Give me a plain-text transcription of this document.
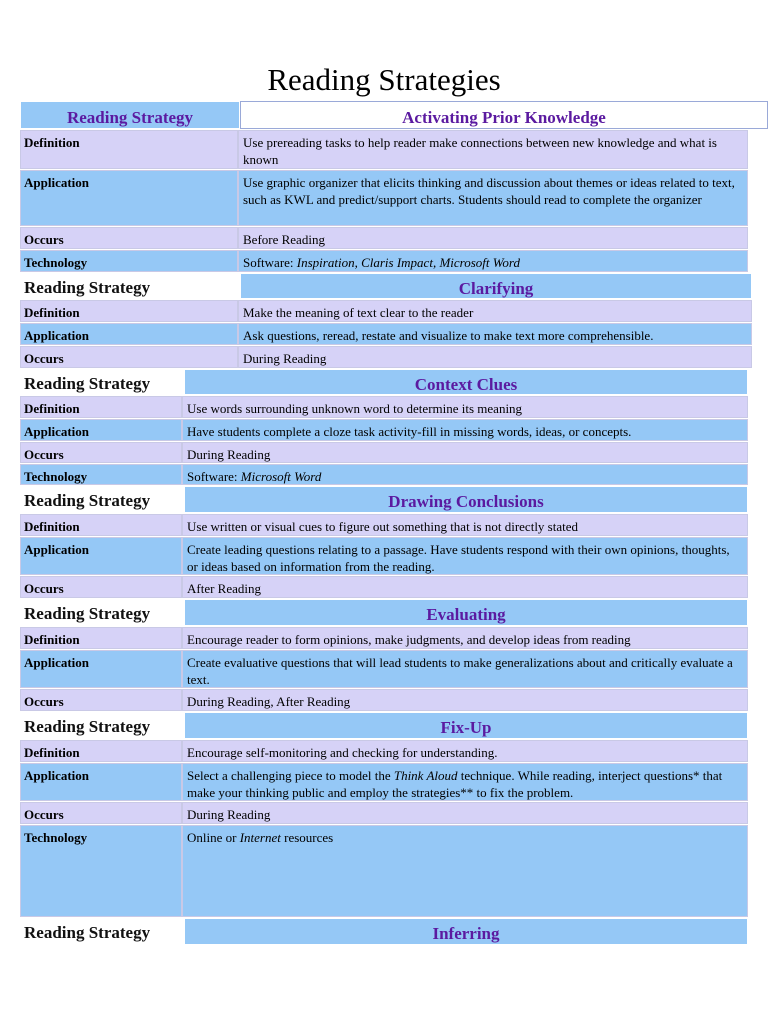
Reading Strategies
Reading Strategy	Activating Prior Knowledge
Definition	Use prereading tasks to help reader make connections between new knowledge and what is known
Application	Use graphic organizer that elicits thinking and discussion about themes or ideas related to text, such as KWL and predict/support charts. Students should read to complete the organizer
Occurs	Before Reading
Technology	Software: Inspiration, Claris Impact, Microsoft Word
Reading Strategy	Clarifying
Definition	Make the meaning of text clear to the reader
Application	Ask questions, reread, restate and visualize to make text more comprehensible.
Occurs	During Reading
Reading Strategy	Context Clues
Definition	Use words surrounding unknown word to determine its meaning
Application	Have students complete a cloze task activity-fill in missing words, ideas, or concepts.
Occurs	During Reading
Technology	Software: Microsoft Word
Reading Strategy	Drawing Conclusions
Definition	Use written or visual cues to figure out something that is not directly stated
Application	Create leading questions relating to a passage. Have students respond with their own opinions, thoughts, or ideas based on information from the reading.
Occurs	After Reading
Reading Strategy	Evaluating
Definition	Encourage reader to form opinions, make judgments, and develop ideas from reading
Application	Create evaluative questions that will lead students to make generalizations about and critically evaluate a text.
Occurs	During Reading, After Reading
Reading Strategy	Fix-Up
Definition	Encourage self-monitoring and checking for understanding.
Application	Select a challenging piece to model the Think Aloud technique. While reading, interject questions* that make your thinking public and employ the strategies** to fix the problem.
Occurs	During Reading
Technology	Online or Internet resources
Reading Strategy	Inferring
